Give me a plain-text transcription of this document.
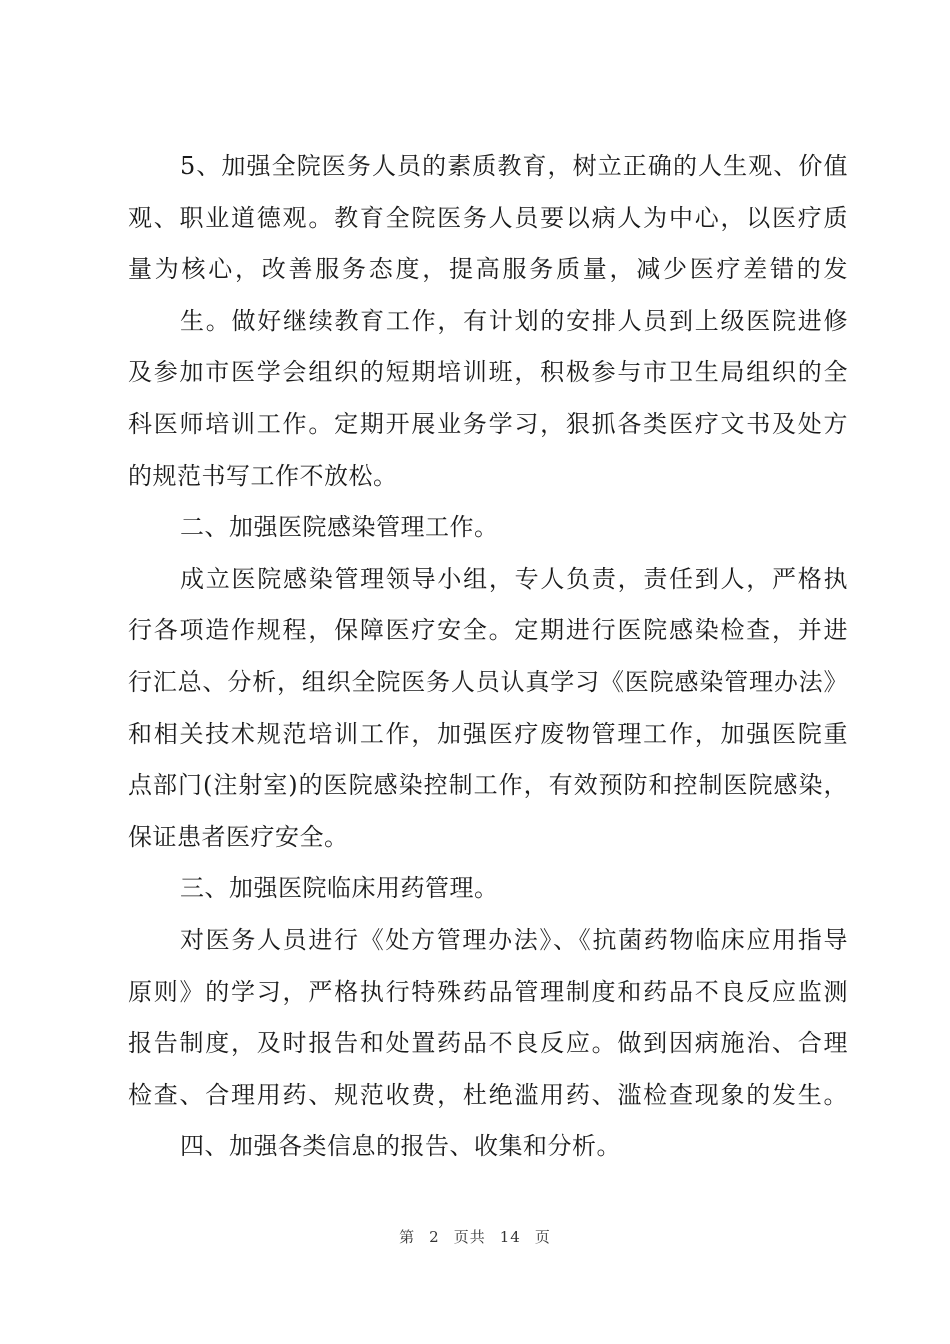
5、加强全院医务人员的素质教育，树立正确的人生观、价值
观、职业道德观。教育全院医务人员要以病人为中心，以医疗质
量为核心，改善服务态度，提高服务质量，减少医疗差错的发
生。做好继续教育工作，有计划的安排人员到上级医院进修
及参加市医学会组织的短期培训班，积极参与市卫生局组织的全
科医师培训工作。定期开展业务学习，狠抓各类医疗文书及处方
的规范书写工作不放松。
二、加强医院感染管理工作。
成立医院感染管理领导小组，专人负责，责任到人，严格执
行各项造作规程，保障医疗安全。定期进行医院感染检查，并进
行汇总、分析，组织全院医务人员认真学习《医院感染管理办法》
和相关技术规范培训工作，加强医疗废物管理工作，加强医院重
点部门(注射室)的医院感染控制工作，有效预防和控制医院感染，
保证患者医疗安全。
三、加强医院临床用药管理。
对医务人员进行《处方管理办法》、《抗菌药物临床应用指导
原则》的学习，严格执行特殊药品管理制度和药品不良反应监测
报告制度，及时报告和处置药品不良反应。做到因病施治、合理
检查、合理用药、规范收费，杜绝滥用药、滥检查现象的发生。
四、加强各类信息的报告、收集和分析。
第 2 页共 14 页
